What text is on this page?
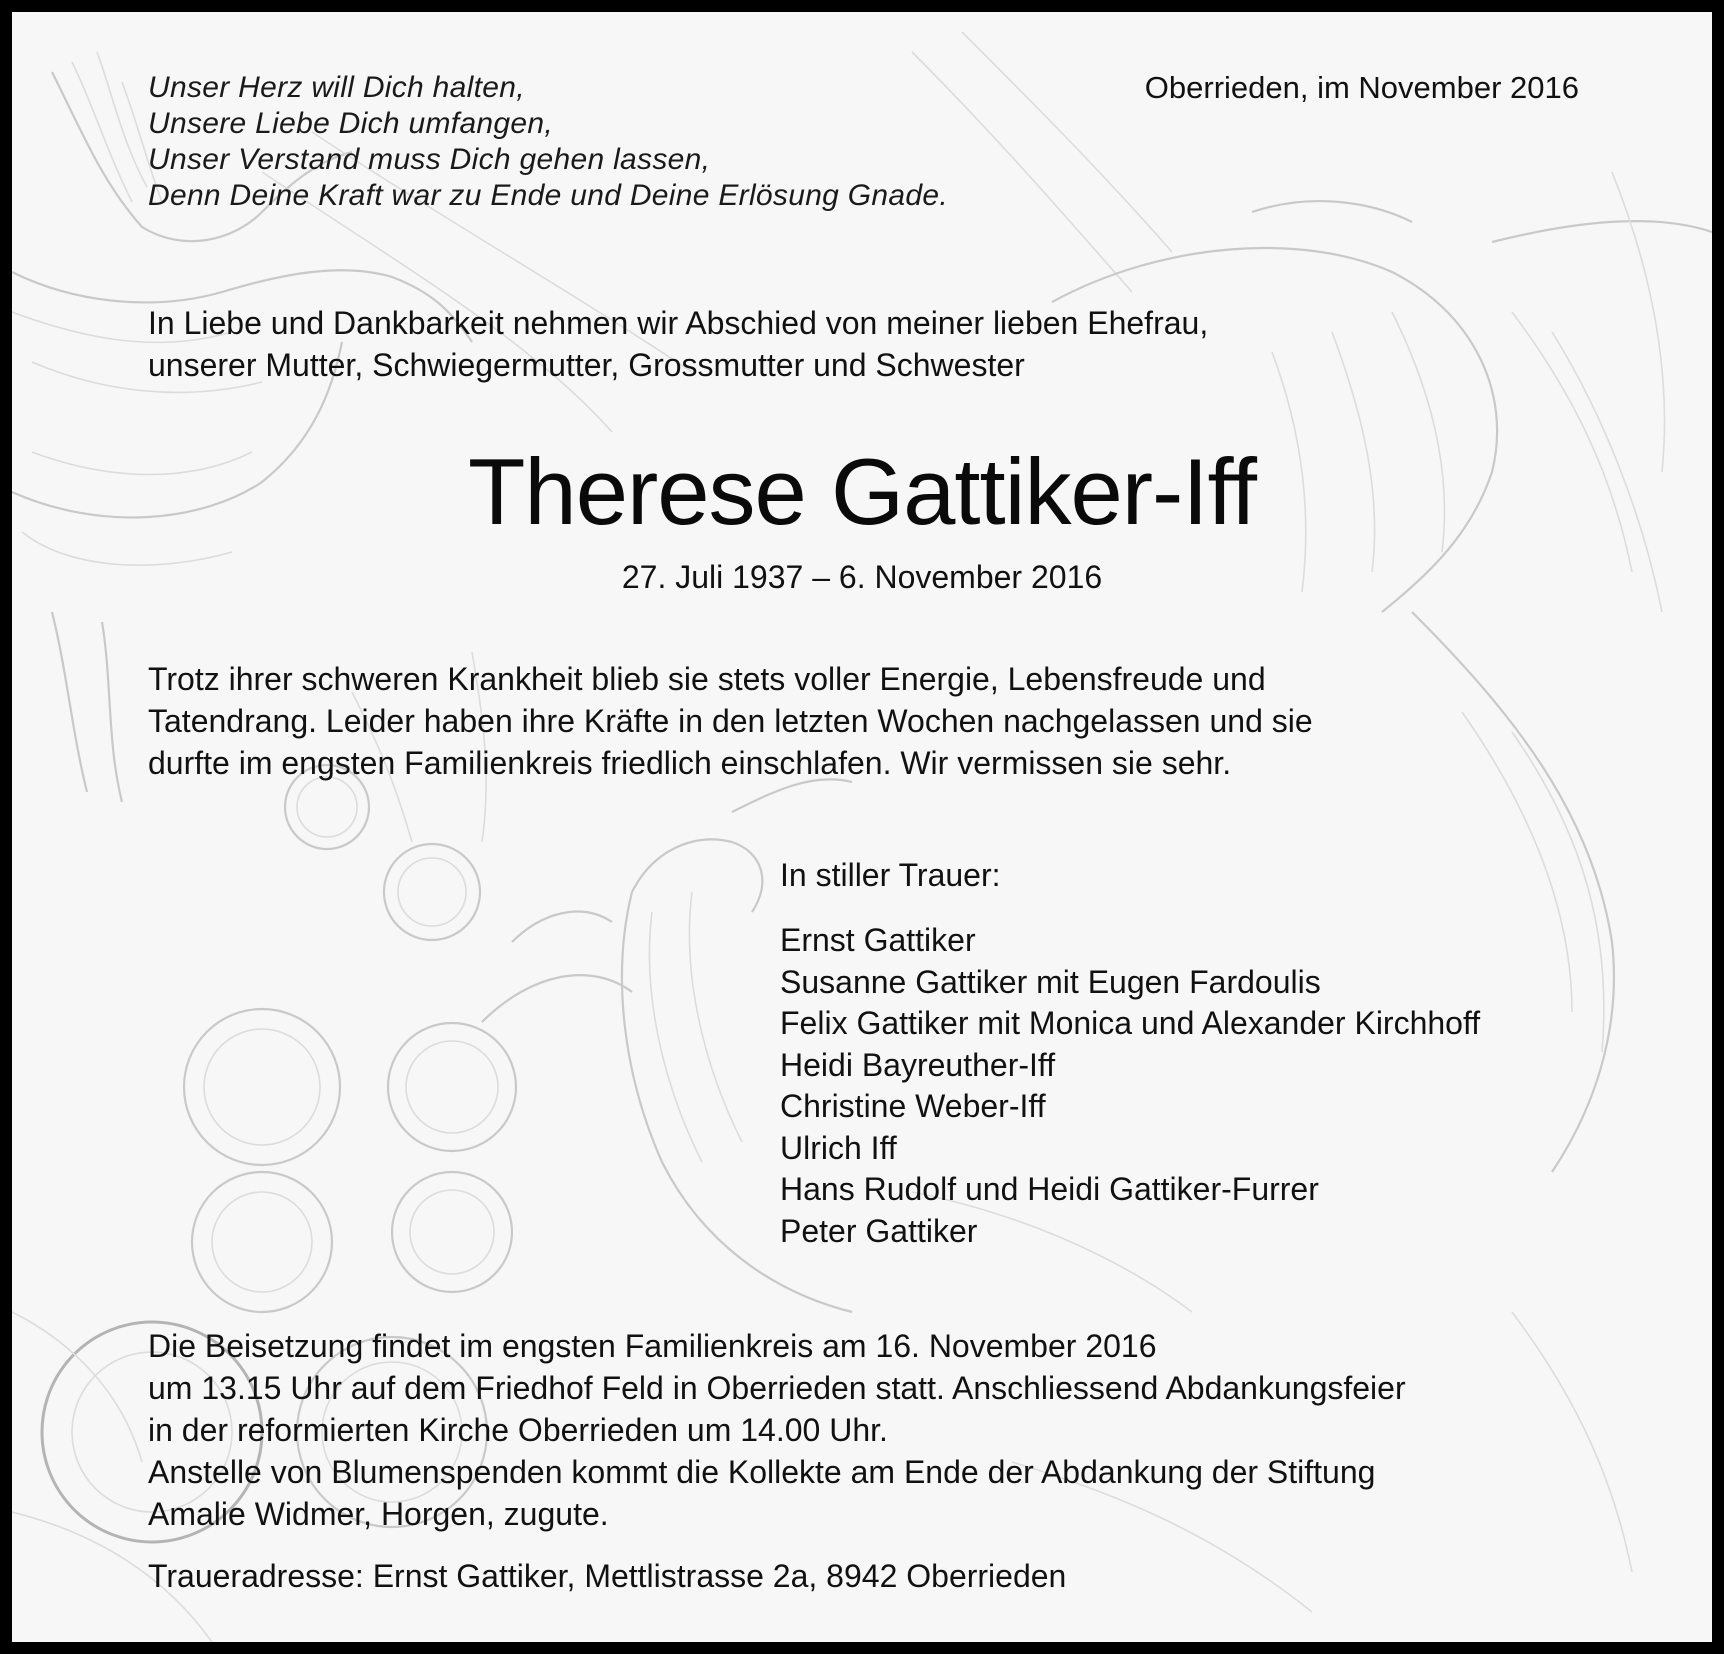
Unser Herz will Dich halten,
Unsere Liebe Dich umfangen,
Unser Verstand muss Dich gehen lassen,
Denn Deine Kraft war zu Ende und Deine Erlösung Gnade.
Oberrieden, im November 2016
In Liebe und Dankbarkeit nehmen wir Abschied von meiner lieben Ehefrau,
unserer Mutter, Schwiegermutter, Grossmutter und Schwester
Therese Gattiker-Iff
27. Juli 1937 – 6. November 2016
Trotz ihrer schweren Krankheit blieb sie stets voller Energie, Lebensfreude und
Tatendrang. Leider haben ihre Kräfte in den letzten Wochen nachgelassen und sie
durfte im engsten Familienkreis friedlich einschlafen. Wir vermissen sie sehr.
In stiller Trauer:
Ernst Gattiker
Susanne Gattiker mit Eugen Fardoulis
Felix Gattiker mit Monica und Alexander Kirchhoff
Heidi Bayreuther-Iff
Christine Weber-Iff
Ulrich Iff
Hans Rudolf und Heidi Gattiker-Furrer
Peter Gattiker
Die Beisetzung findet im engsten Familienkreis am 16. November 2016
um 13.15 Uhr auf dem Friedhof Feld in Oberrieden statt. Anschliessend Abdankungsfeier
in der reformierten Kirche Oberrieden um 14.00 Uhr.
Anstelle von Blumenspenden kommt die Kollekte am Ende der Abdankung der Stiftung
Amalie Widmer, Horgen, zugute.
Traueradresse: Ernst Gattiker, Mettlistrasse 2a, 8942 Oberrieden
